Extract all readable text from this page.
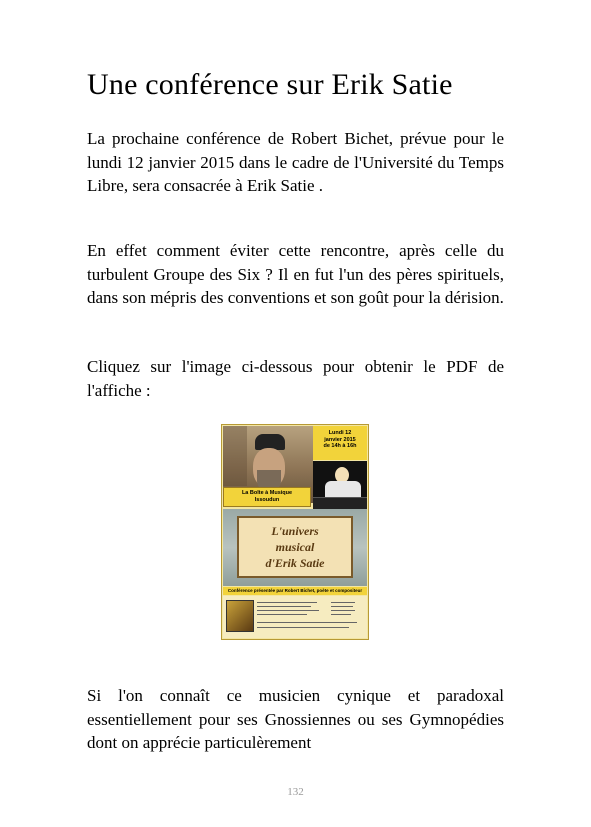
Une conférence sur Erik Satie

La prochaine conférence de Robert Bichet, prévue pour le lundi 12 janvier 2015 dans le cadre de l'Université du Temps Libre, sera consacrée à Erik Satie .

En effet comment éviter cette rencontre, après celle du turbulent Groupe des Six ? Il en fut l'un des pères spirituels, dans son mépris des conventions et son goût pour la dérision.

Cliquez sur l'image ci-dessous pour obtenir le PDF de l'affiche :

Lundi 12
janvier 2015
de 14h à 16h
La Boîte à Musique
Issoudun
L'univers
musical
d'Erik Satie
Conférence présentée par Robert Bichet, poète et compositeur

Si l'on connaît ce musicien cynique et paradoxal essentiellement pour ses Gnossiennes ou ses Gymnopédies dont on apprécie particulèrement

132
